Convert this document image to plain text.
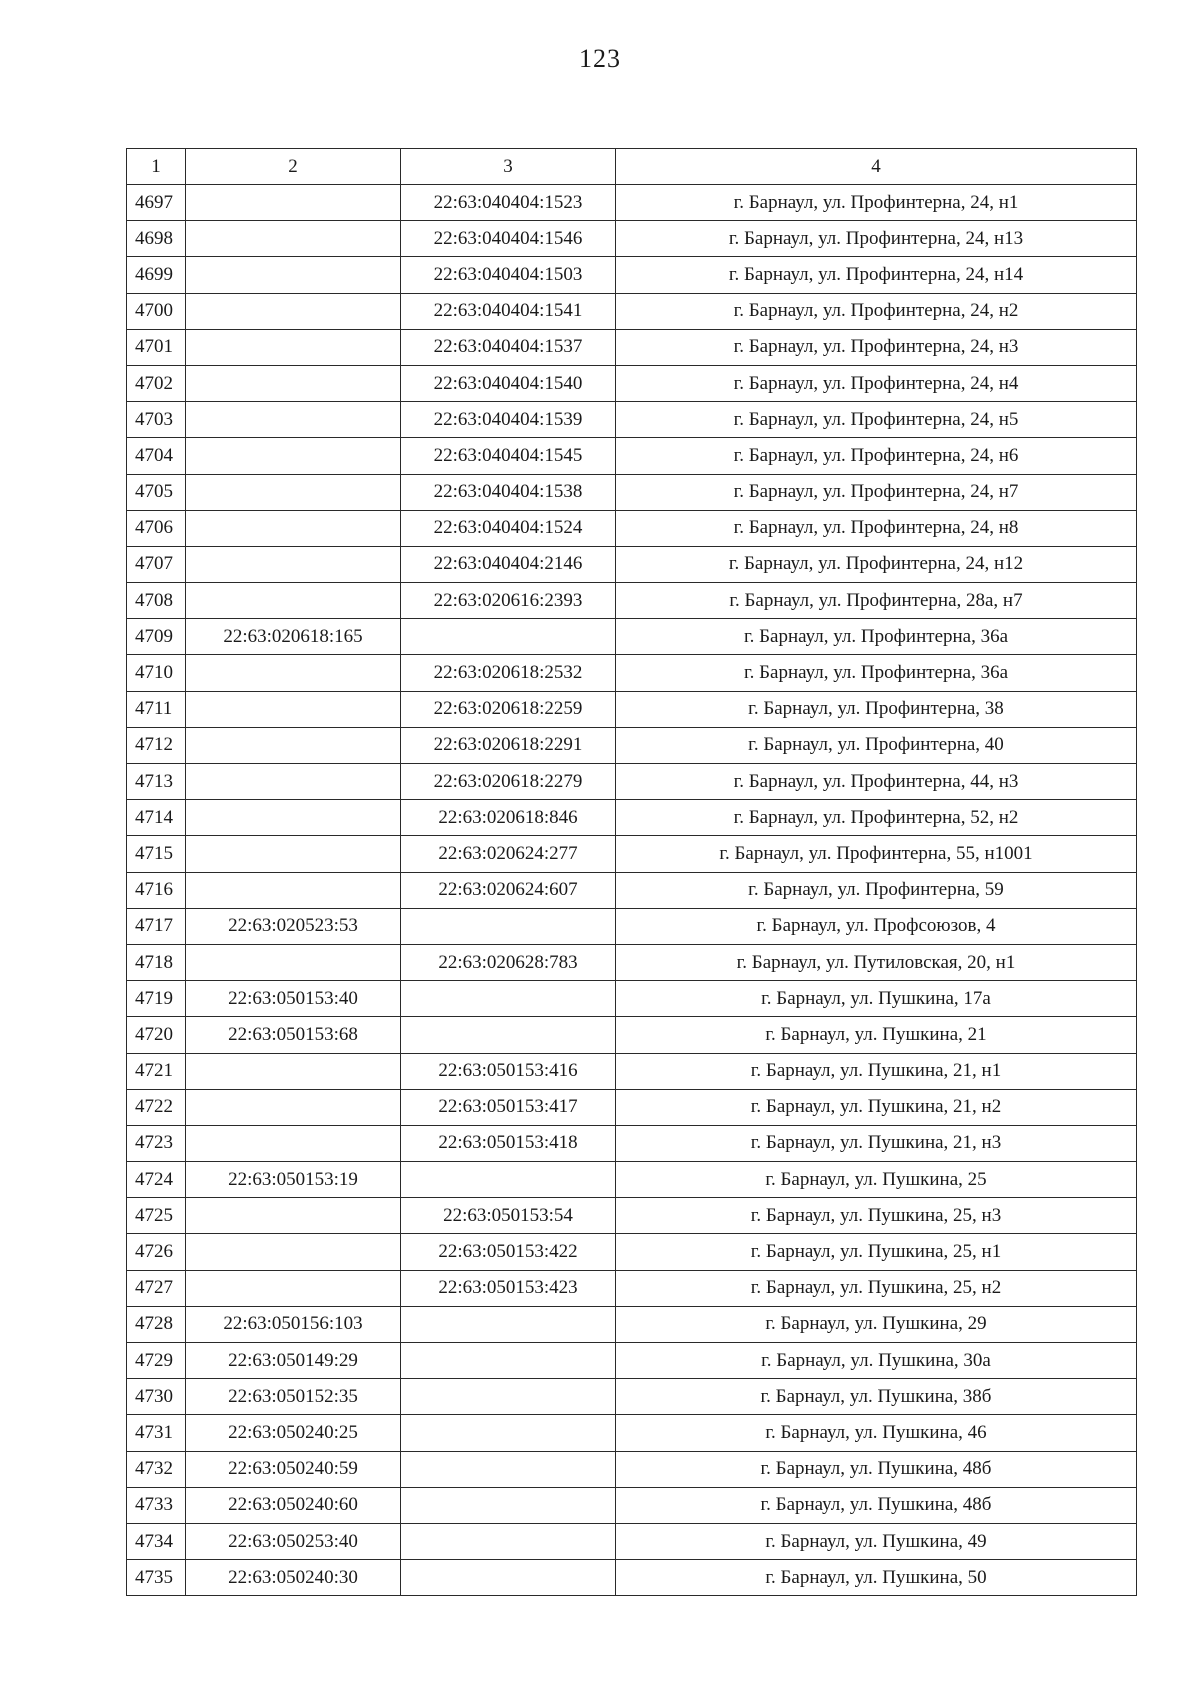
123
1	2	3	4
4697		22:63:040404:1523	г. Барнаул, ул. Профинтерна, 24, н1
4698		22:63:040404:1546	г. Барнаул, ул. Профинтерна, 24, н13
4699		22:63:040404:1503	г. Барнаул, ул. Профинтерна, 24, н14
4700		22:63:040404:1541	г. Барнаул, ул. Профинтерна, 24, н2
4701		22:63:040404:1537	г. Барнаул, ул. Профинтерна, 24, н3
4702		22:63:040404:1540	г. Барнаул, ул. Профинтерна, 24, н4
4703		22:63:040404:1539	г. Барнаул, ул. Профинтерна, 24, н5
4704		22:63:040404:1545	г. Барнаул, ул. Профинтерна, 24, н6
4705		22:63:040404:1538	г. Барнаул, ул. Профинтерна, 24, н7
4706		22:63:040404:1524	г. Барнаул, ул. Профинтерна, 24, н8
4707		22:63:040404:2146	г. Барнаул, ул. Профинтерна, 24, н12
4708		22:63:020616:2393	г. Барнаул, ул. Профинтерна, 28а, н7
4709	22:63:020618:165		г. Барнаул, ул. Профинтерна, 36а
4710		22:63:020618:2532	г. Барнаул, ул. Профинтерна, 36а
4711		22:63:020618:2259	г. Барнаул, ул. Профинтерна, 38
4712		22:63:020618:2291	г. Барнаул, ул. Профинтерна, 40
4713		22:63:020618:2279	г. Барнаул, ул. Профинтерна, 44, н3
4714		22:63:020618:846	г. Барнаул, ул. Профинтерна, 52, н2
4715		22:63:020624:277	г. Барнаул, ул. Профинтерна, 55, н1001
4716		22:63:020624:607	г. Барнаул, ул. Профинтерна, 59
4717	22:63:020523:53		г. Барнаул, ул. Профсоюзов, 4
4718		22:63:020628:783	г. Барнаул, ул. Путиловская, 20, н1
4719	22:63:050153:40		г. Барнаул, ул. Пушкина, 17а
4720	22:63:050153:68		г. Барнаул, ул. Пушкина, 21
4721		22:63:050153:416	г. Барнаул, ул. Пушкина, 21, н1
4722		22:63:050153:417	г. Барнаул, ул. Пушкина, 21, н2
4723		22:63:050153:418	г. Барнаул, ул. Пушкина, 21, н3
4724	22:63:050153:19		г. Барнаул, ул. Пушкина, 25
4725		22:63:050153:54	г. Барнаул, ул. Пушкина, 25, н3
4726		22:63:050153:422	г. Барнаул, ул. Пушкина, 25, н1
4727		22:63:050153:423	г. Барнаул, ул. Пушкина, 25, н2
4728	22:63:050156:103		г. Барнаул, ул. Пушкина, 29
4729	22:63:050149:29		г. Барнаул, ул. Пушкина, 30а
4730	22:63:050152:35		г. Барнаул, ул. Пушкина, 38б
4731	22:63:050240:25		г. Барнаул, ул. Пушкина, 46
4732	22:63:050240:59		г. Барнаул, ул. Пушкина, 48б
4733	22:63:050240:60		г. Барнаул, ул. Пушкина, 48б
4734	22:63:050253:40		г. Барнаул, ул. Пушкина, 49
4735	22:63:050240:30		г. Барнаул, ул. Пушкина, 50
